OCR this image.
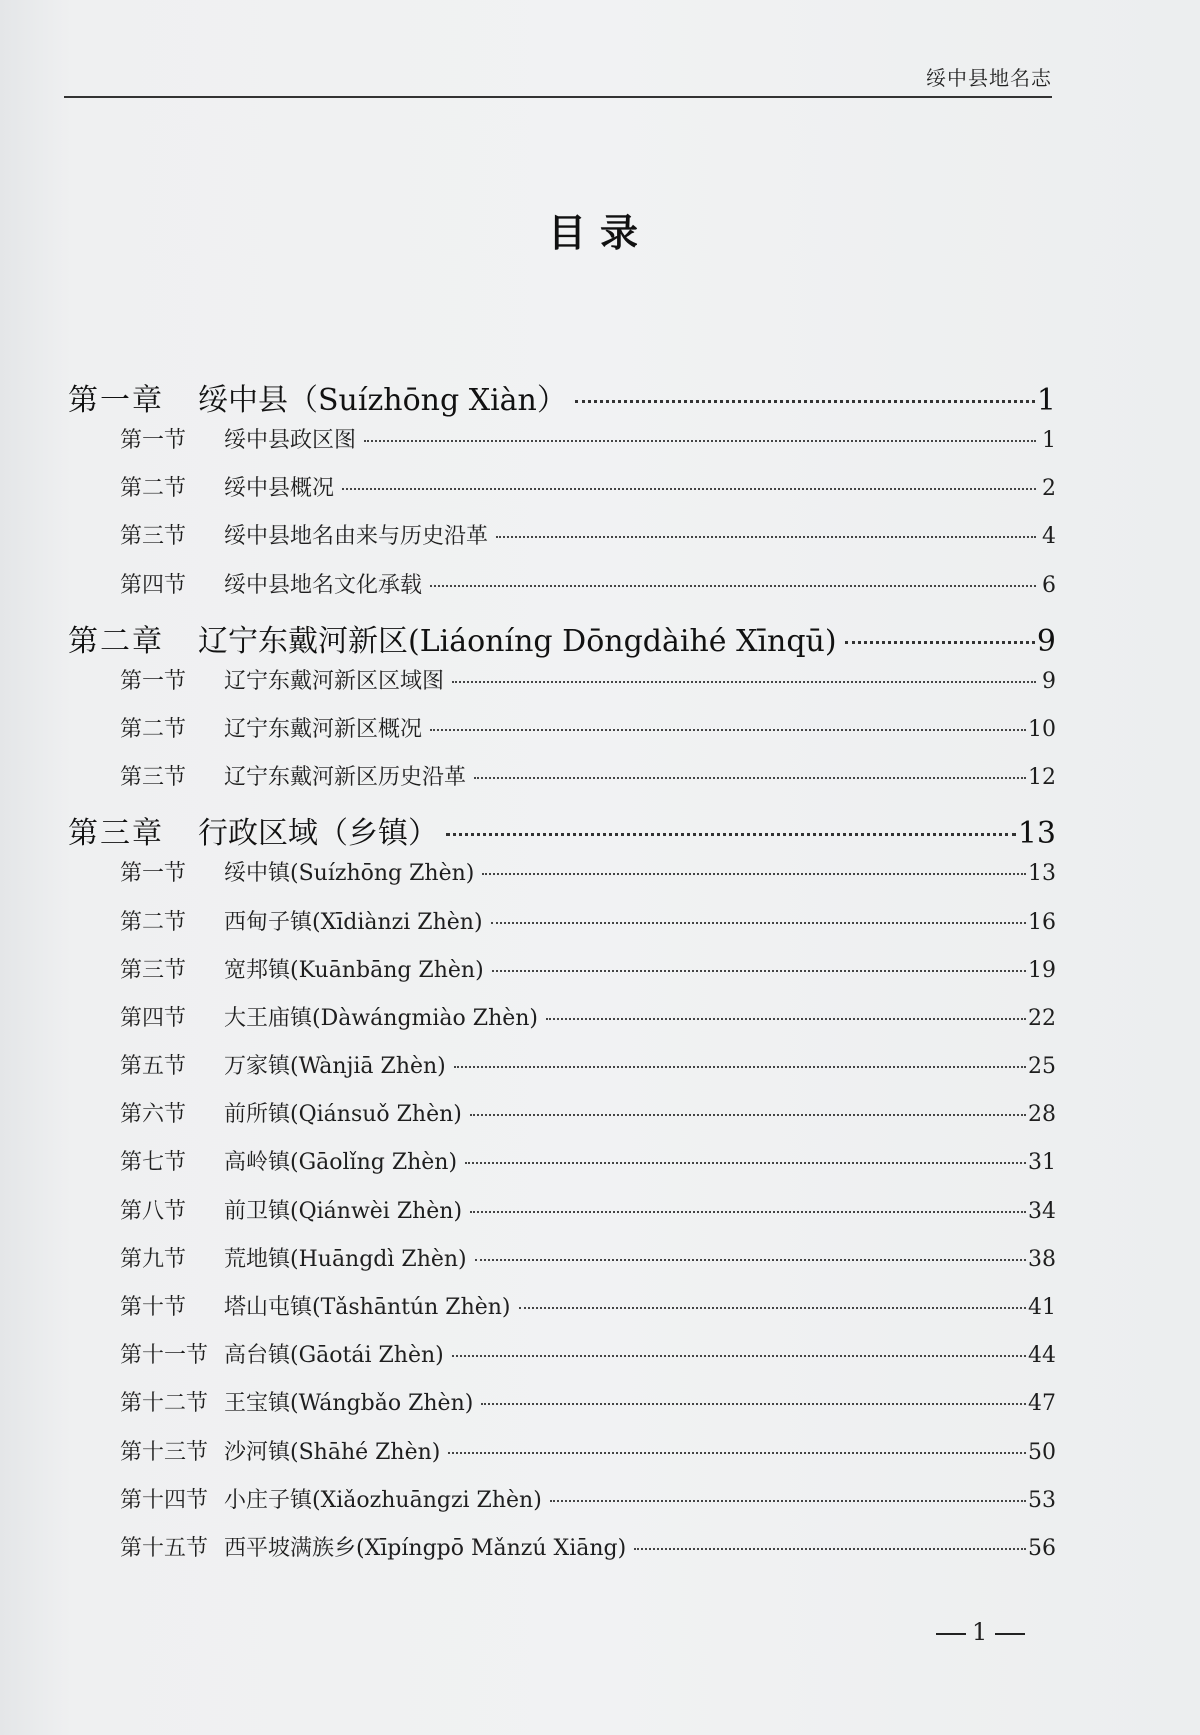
绥中县地名志
目录
第一章	绥中县（Suízhōng Xiàn）	1
第一节	绥中县政区图	1
第二节	绥中县概况	2
第三节	绥中县地名由来与历史沿革	4
第四节	绥中县地名文化承载	6
第二章	辽宁东戴河新区(Liáoníng Dōngdàihé Xīnqū)	9
第一节	辽宁东戴河新区区域图	9
第二节	辽宁东戴河新区概况	10
第三节	辽宁东戴河新区历史沿革	12
第三章	行政区域（乡镇）	13
第一节	绥中镇(Suízhōng Zhèn)	13
第二节	西甸子镇(Xīdiànzi Zhèn)	16
第三节	宽邦镇(Kuānbāng Zhèn)	19
第四节	大王庙镇(Dàwángmiào Zhèn)	22
第五节	万家镇(Wànjiā Zhèn)	25
第六节	前所镇(Qiánsuǒ Zhèn)	28
第七节	高岭镇(Gāolǐng Zhèn)	31
第八节	前卫镇(Qiánwèi Zhèn)	34
第九节	荒地镇(Huāngdì Zhèn)	38
第十节	塔山屯镇(Tǎshāntún Zhèn)	41
第十一节 高台镇(Gāotái Zhèn)	44
第十二节 王宝镇(Wángbǎo Zhèn)	47
第十三节 沙河镇(Shāhé Zhèn)	50
第十四节 小庄子镇(Xiǎozhuāngzi Zhèn)	53
第十五节 西平坡满族乡(Xīpíngpō Mǎnzú Xiāng)	56
1
